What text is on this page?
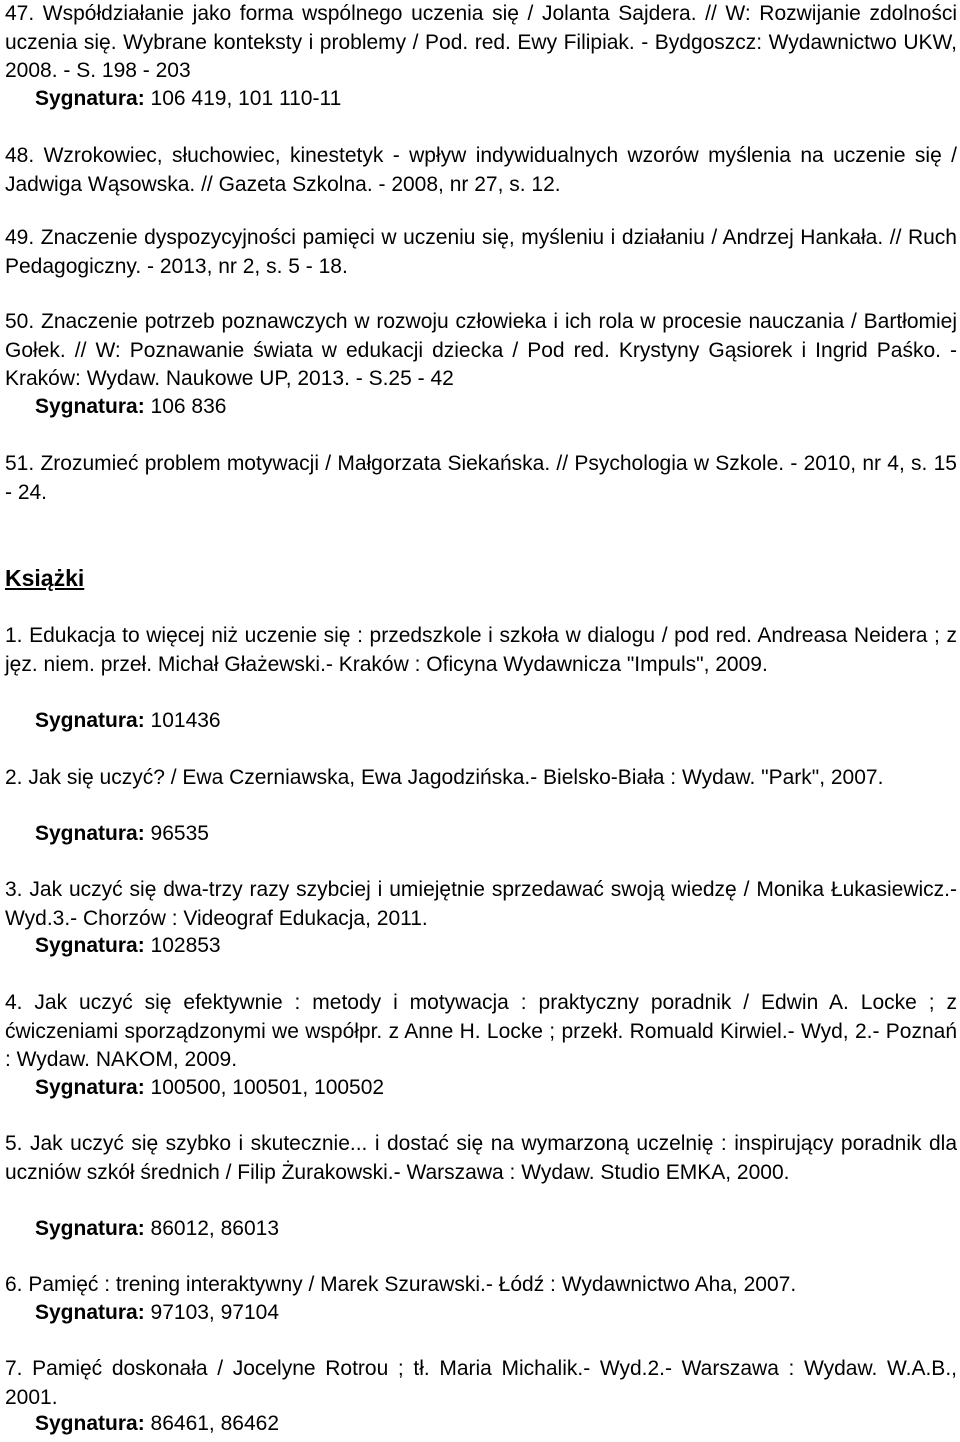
47. Współdziałanie jako forma wspólnego uczenia się / Jolanta Sajdera. // W: Rozwijanie zdolności uczenia się. Wybrane konteksty i problemy / Pod. red. Ewy Filipiak. - Bydgoszcz: Wydawnictwo UKW, 2008. - S. 198 - 203
Sygnatura: 106 419, 101 110-11
48. Wzrokowiec, słuchowiec, kinestetyk - wpływ indywidualnych wzorów myślenia na uczenie się / Jadwiga Wąsowska. // Gazeta Szkolna. - 2008, nr 27, s. 12.
49. Znaczenie dyspozycyjności pamięci w uczeniu się, myśleniu i działaniu / Andrzej Hankała. // Ruch Pedagogiczny. - 2013, nr 2, s. 5 - 18.
50. Znaczenie potrzeb poznawczych w rozwoju człowieka i ich rola w procesie nauczania / Bartłomiej Gołek. // W: Poznawanie świata w edukacji dziecka / Pod red. Krystyny Gąsiorek i Ingrid Paśko. - Kraków: Wydaw. Naukowe UP, 2013. - S.25 - 42
Sygnatura: 106 836
51. Zrozumieć problem motywacji / Małgorzata Siekańska. // Psychologia w Szkole. - 2010, nr 4, s. 15 - 24.
Książki
1. Edukacja to więcej niż uczenie się : przedszkole i szkoła w dialogu / pod red. Andreasa Neidera ; z jęz. niem. przeł. Michał Głażewski.- Kraków : Oficyna Wydawnicza "Impuls", 2009.
Sygnatura: 101436
2. Jak się uczyć? / Ewa Czerniawska, Ewa Jagodzińska.- Bielsko-Biała : Wydaw. "Park", 2007.
Sygnatura: 96535
3. Jak uczyć się dwa-trzy razy szybciej i umiejętnie sprzedawać swoją wiedzę / Monika Łukasiewicz.- Wyd.3.- Chorzów : Videograf Edukacja, 2011.
Sygnatura: 102853
4. Jak uczyć się efektywnie : metody i motywacja : praktyczny poradnik / Edwin A. Locke ; z ćwiczeniami sporządzonymi we współpr. z Anne H. Locke ; przekł. Romuald Kirwiel.- Wyd, 2.- Poznań : Wydaw. NAKOM, 2009.
Sygnatura: 100500, 100501, 100502
5. Jak uczyć się szybko i skutecznie... i dostać się na wymarzoną uczelnię : inspirujący poradnik dla uczniów szkół średnich / Filip Żurakowski.- Warszawa : Wydaw. Studio EMKA, 2000.
Sygnatura: 86012, 86013
6. Pamięć : trening interaktywny / Marek Szurawski.- Łódź : Wydawnictwo Aha, 2007.
Sygnatura: 97103, 97104
7. Pamięć doskonała / Jocelyne Rotrou ; tł. Maria Michalik.- Wyd.2.- Warszawa : Wydaw. W.A.B., 2001.
Sygnatura: 86461, 86462
